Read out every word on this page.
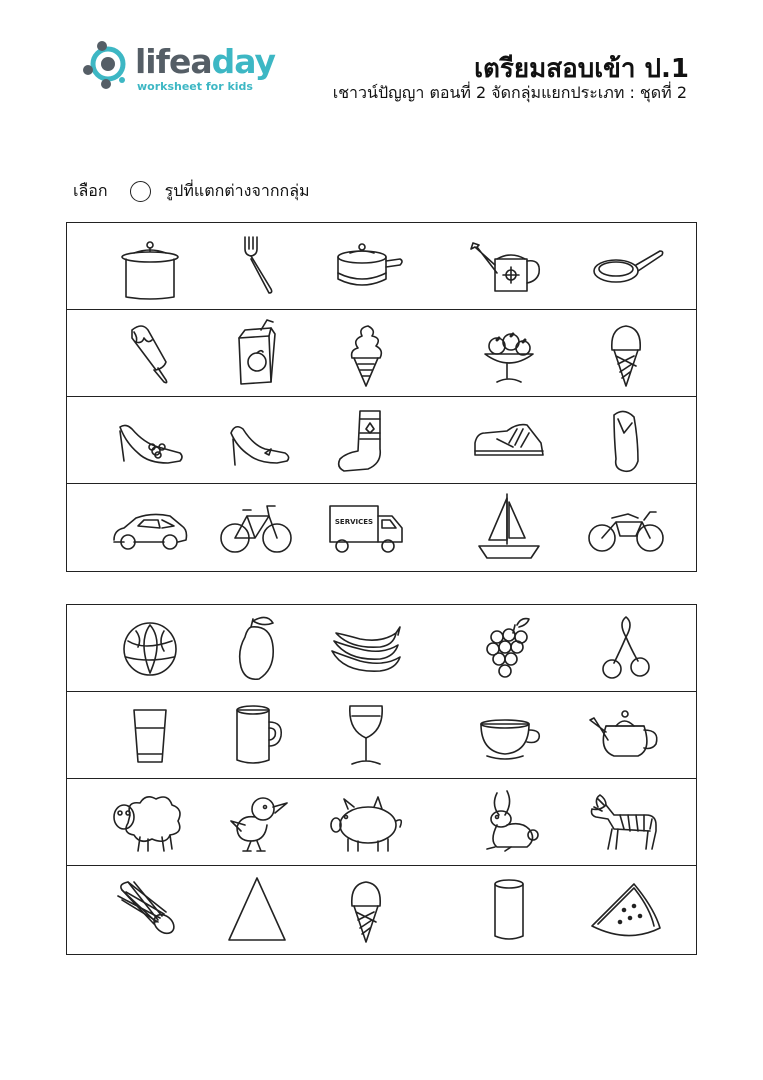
lifeaday
worksheet for kids
เตรียมสอบเข้า ป.1
เชาวน์ปัญญา ตอนที่ 2 จัดกลุ่มแยกประเภท : ชุดที่ 2
เลือก	รูปที่แตกต่างจากกลุ่ม
SERVICES
